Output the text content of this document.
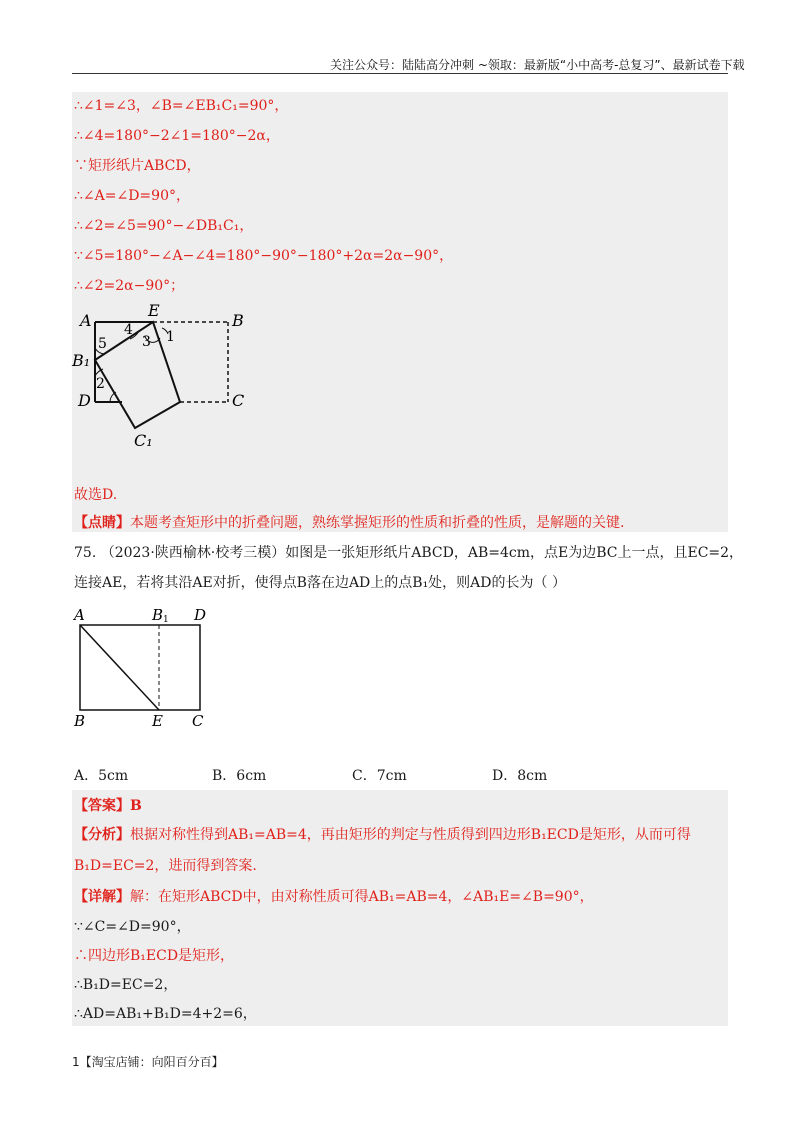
关注公众号：陆陆高分冲刺 ~领取：最新版“小中高考-总复习”、最新试卷下载
∴∠1=∠3，∠B=∠EB₁C₁=90°，
∴∠4=180°−2∠1=180°−2α，
∵矩形纸片ABCD，
∴∠A=∠D=90°，
∴∠2=∠5=90°−∠DB₁C₁，
∵∠5=180°−∠A−∠4=180°−90°−180°+2α=2α−90°，
∴∠2=2α−90°；
A
E
B
B₁
D	C
C₁
1
2
3
4
5
故选D.
【点睛】本题考查矩形中的折叠问题，熟练掌握矩形的性质和折叠的性质，是解题的关键.
75. （2023·陕西榆林·校考三模）如图是一张矩形纸片ABCD，AB=4cm，点E为边BC上一点，且EC=2，
连接AE，若将其沿AE对折，使得点B落在边AD上的点B₁处，则AD的长为（ ）
A	B1 D
B	E C
A．5cm	B．6cm	C．7cm	D．8cm
【答案】B
【分析】根据对称性得到AB₁=AB=4，再由矩形的判定与性质得到四边形B₁ECD是矩形，从而可得
B₁D=EC=2，进而得到答案.
【详解】解：在矩形ABCD中，由对称性质可得AB₁=AB=4，∠AB₁E=∠B=90°，
∵∠C=∠D=90°，
∴四边形B₁ECD是矩形，
∴B₁D=EC=2，
∴AD=AB₁+B₁D=4+2=6，
1【淘宝店铺：向阳百分百】
